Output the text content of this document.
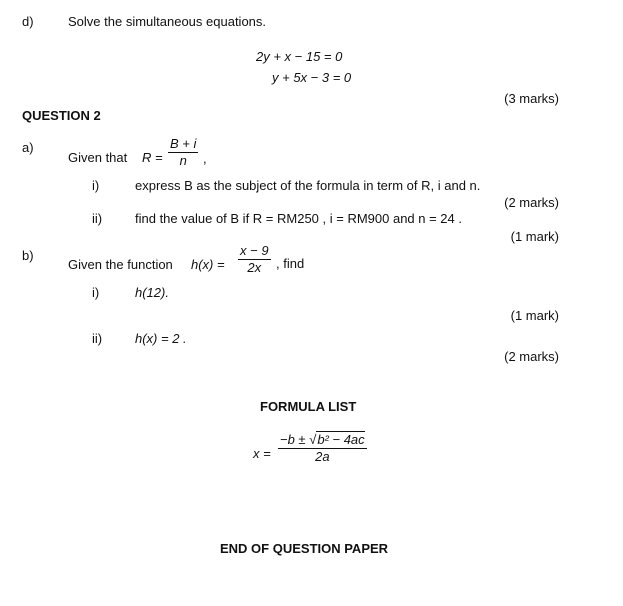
d)	Solve the simultaneous equations.
2y + x − 15 = 0
y + 5x − 3 = 0
(3 marks)
QUESTION 2
a)
Given that $R = \frac{B + i}{n}$ ,
i)	express B as the subject of the formula in term of R, i and n.
(2 marks)
ii)	find the value of B if R = RM250 , i = RM900 and n = 24 .
(1 mark)
b)
Given the function $h(x) = \frac{x - 9}{2x}$ , find
i)	h(12).
(1 mark)
ii)	h(x) = 2 .
(2 marks)
FORMULA LIST
$x = \frac{\text{−b ± √b² − 4ac}}{2a}$
END OF QUESTION PAPER
